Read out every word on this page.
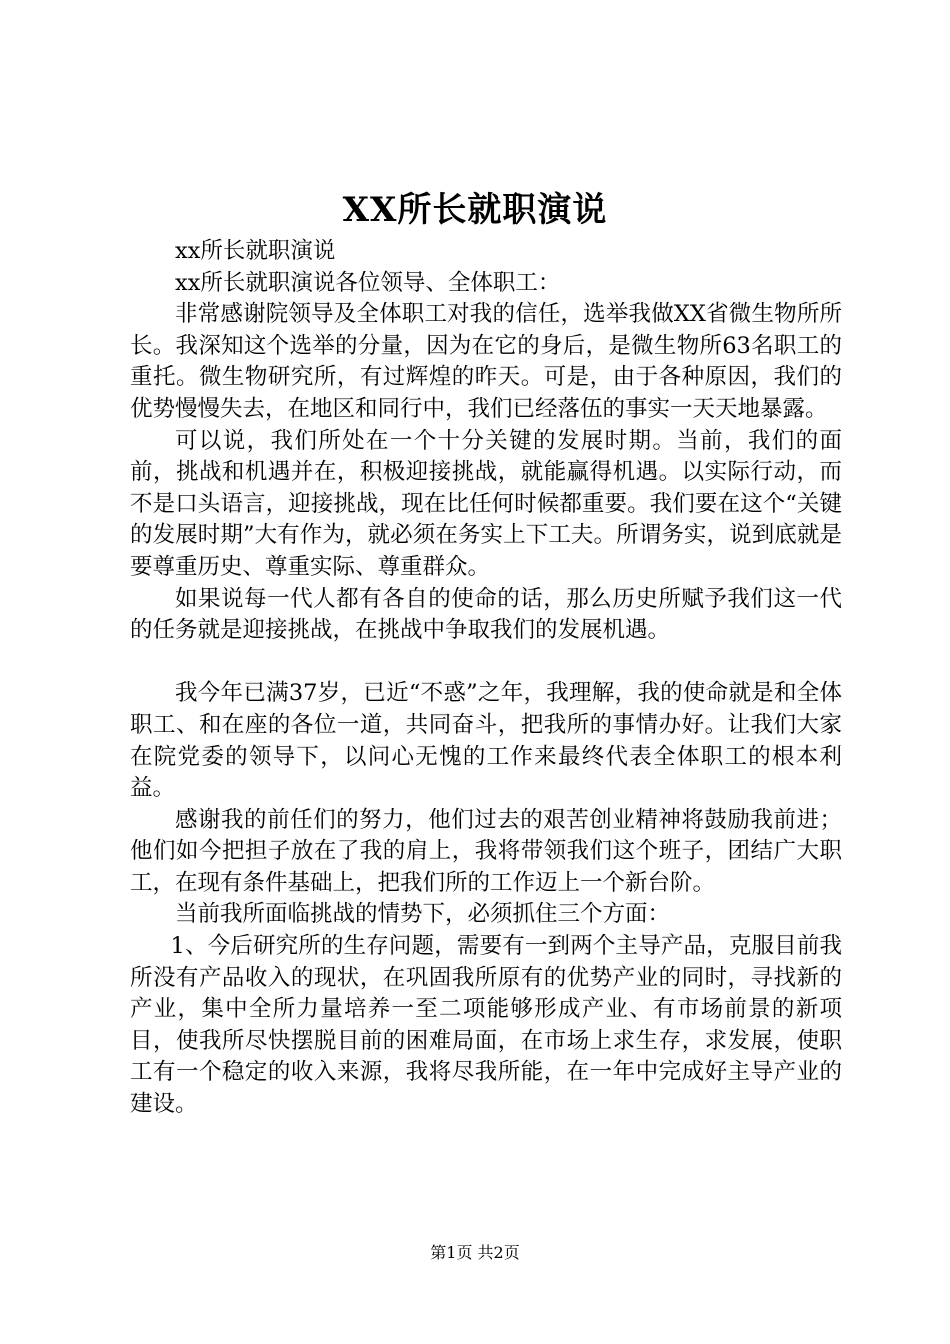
XX所长就职演说

xx所长就职演说

xx所长就职演说各位领导、全体职工：

非常感谢院领导及全体职工对我的信任，选举我做XX省微生物所所长。我深知这个选举的分量，因为在它的身后，是微生物所63名职工的重托。微生物研究所，有过辉煌的昨天。可是，由于各种原因，我们的优势慢慢失去，在地区和同行中，我们已经落伍的事实一天天地暴露。

可以说，我们所处在一个十分关键的发展时期。当前，我们的面前，挑战和机遇并在，积极迎接挑战，就能赢得机遇。以实际行动，而不是口头语言，迎接挑战，现在比任何时候都重要。我们要在这个“关键的发展时期”大有作为，就必须在务实上下工夫。所谓务实，说到底就是要尊重历史、尊重实际、尊重群众。

如果说每一代人都有各自的使命的话，那么历史所赋予我们这一代的任务就是迎接挑战，在挑战中争取我们的发展机遇。

我今年已满37岁，已近“不惑”之年，我理解，我的使命就是和全体职工、和在座的各位一道，共同奋斗，把我所的事情办好。让我们大家在院党委的领导下，以问心无愧的工作来最终代表全体职工的根本利益。

感谢我的前任们的努力，他们过去的艰苦创业精神将鼓励我前进；他们如今把担子放在了我的肩上，我将带领我们这个班子，团结广大职工，在现有条件基础上，把我们所的工作迈上一个新台阶。

当前我所面临挑战的情势下，必须抓住三个方面：

1、今后研究所的生存问题，需要有一到两个主导产品，克服目前我所没有产品收入的现状，在巩固我所原有的优势产业的同时，寻找新的产业，集中全所力量培养一至二项能够形成产业、有市场前景的新项目，使我所尽快摆脱目前的困难局面，在市场上求生存，求发展，使职工有一个稳定的收入来源，我将尽我所能，在一年中完成好主导产业的建设。

第1页 共2页
